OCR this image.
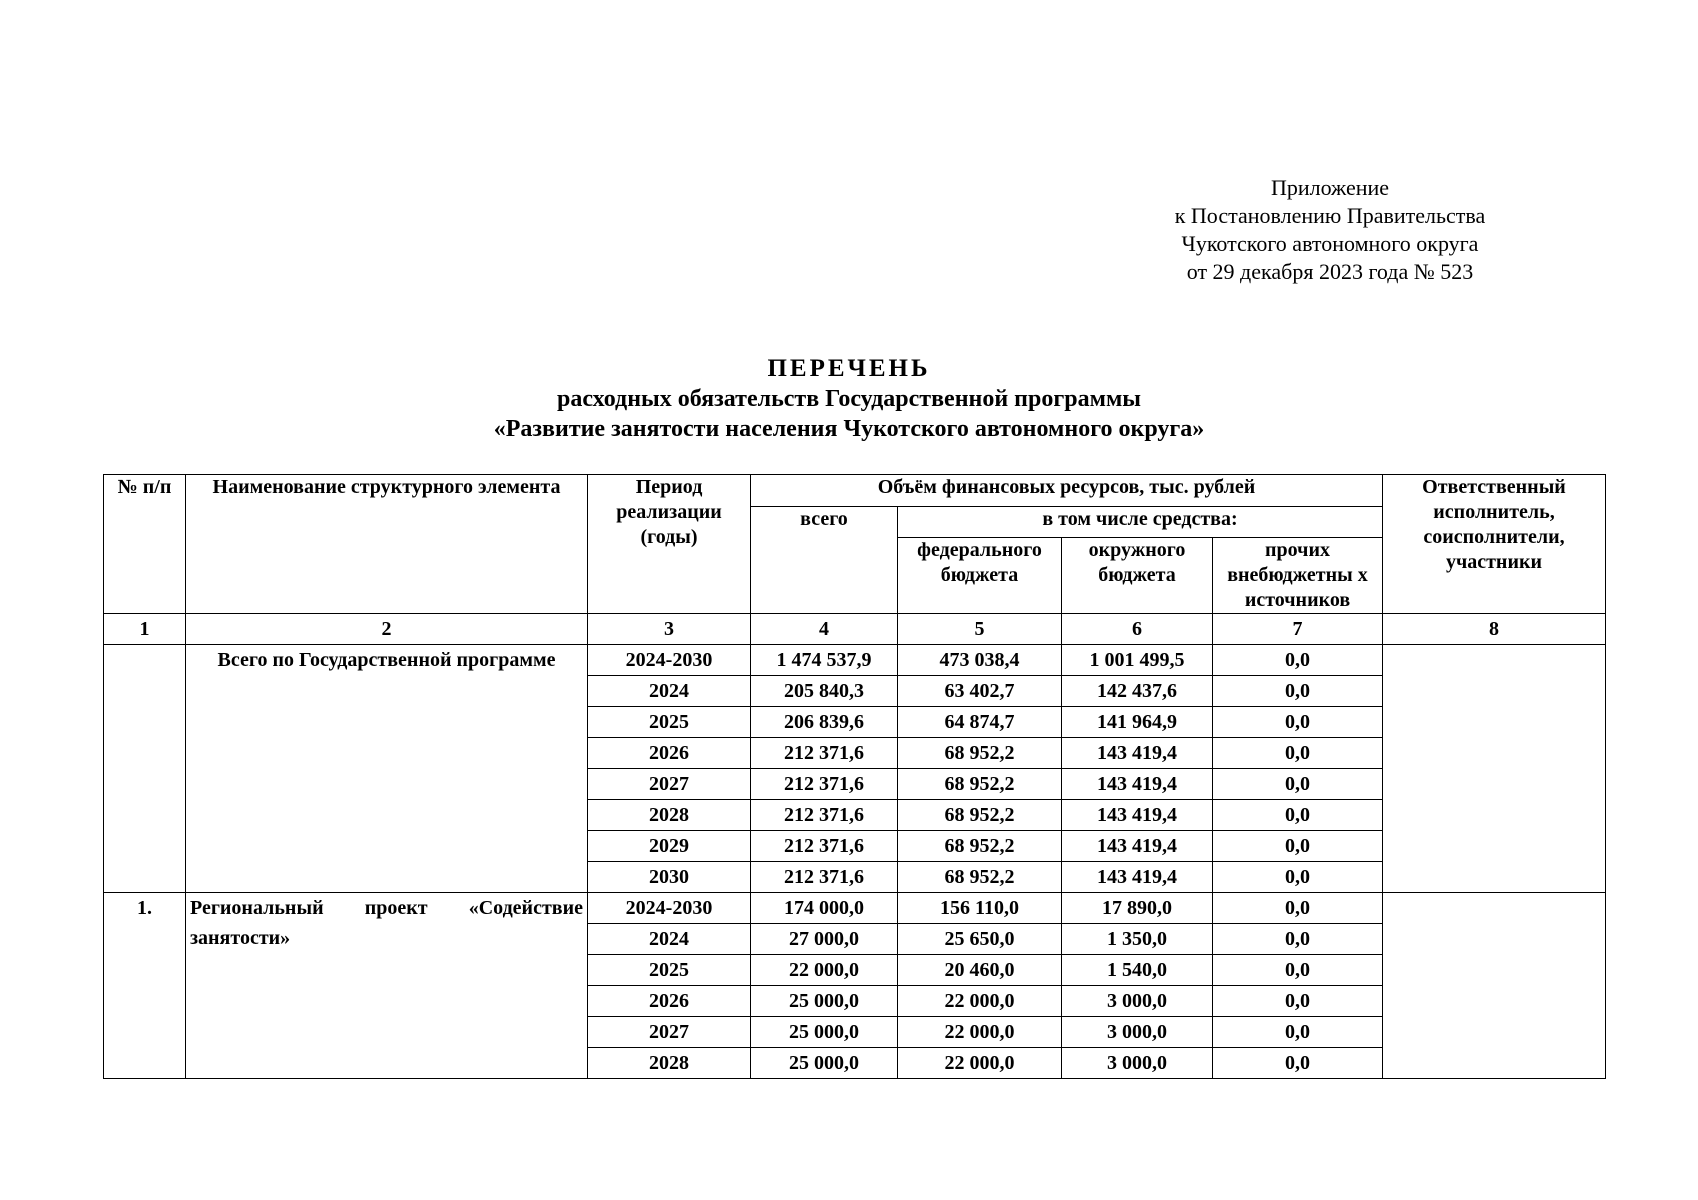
Приложение
к Постановлению Правительства
Чукотского автономного округа
от 29 декабря 2023 года № 523
ПЕРЕЧЕНЬ
расходных обязательств Государственной программы
«Развитие занятости населения Чукотского автономного округа»
№ п/п	Наименование структурного элемента	Период реализации (годы)	Объём финансовых ресурсов, тыс. рублей				Ответственный исполнитель, соисполнители, участники
			всего	в том числе средства:			
				федерального бюджета	окружного бюджета	прочих внебюджетны х источников	
1	2	3	4	5	6	7	8
	Всего по Государственной программе	2024-2030	1 474 537,9	473 038,4	1 001 499,5	0,0	
		2024	205 840,3	63 402,7	142 437,6	0,0	
		2025	206 839,6	64 874,7	141 964,9	0,0	
		2026	212 371,6	68 952,2	143 419,4	0,0	
		2027	212 371,6	68 952,2	143 419,4	0,0	
		2028	212 371,6	68 952,2	143 419,4	0,0	
		2029	212 371,6	68 952,2	143 419,4	0,0	
		2030	212 371,6	68 952,2	143 419,4	0,0	
1.	Региональный проект «Содействие занятости»	2024-2030	174 000,0	156 110,0	17 890,0	0,0	
		2024	27 000,0	25 650,0	1 350,0	0,0	
		2025	22 000,0	20 460,0	1 540,0	0,0	
		2026	25 000,0	22 000,0	3 000,0	0,0	
		2027	25 000,0	22 000,0	3 000,0	0,0	
		2028	25 000,0	22 000,0	3 000,0	0,0	
